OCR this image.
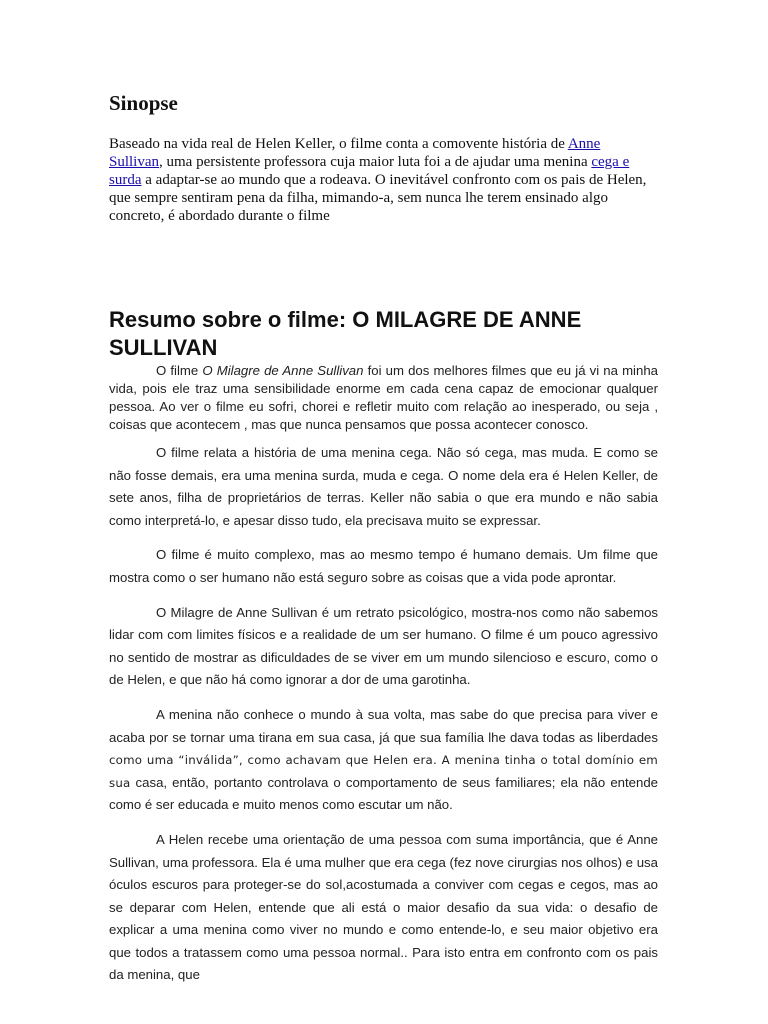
Sinopse

Baseado na vida real de Helen Keller, o filme conta a comovente história de Anne Sullivan, uma persistente professora cuja maior luta foi a de ajudar uma menina cega e surda a adaptar-se ao mundo que a rodeava. O inevitável confronto com os pais de Helen, que sempre sentiram pena da filha, mimando-a, sem nunca lhe terem ensinado algo concreto, é abordado durante o filme

Resumo sobre o filme: O MILAGRE DE ANNE SULLIVAN

O filme O Milagre de Anne Sullivan foi um dos melhores filmes que eu já vi na minha vida, pois ele traz uma sensibilidade enorme em cada cena capaz de emocionar qualquer pessoa. Ao ver o filme eu sofri, chorei e refletir muito com relação ao inesperado, ou seja , coisas que acontecem , mas que nunca pensamos que possa acontecer conosco.

O filme relata a história de uma menina cega. Não só cega, mas muda. E como se não fosse demais, era uma menina surda, muda e cega. O nome dela era é Helen Keller, de sete anos, filha de proprietários de terras. Keller não sabia o que era mundo e não sabia como interpretá-lo, e apesar disso tudo, ela precisava muito se expressar.

O filme é muito complexo, mas ao mesmo tempo é humano demais. Um filme que mostra como o ser humano não está seguro sobre as coisas que a vida pode aprontar.

O Milagre de Anne Sullivan é um retrato psicológico, mostra-nos como não sabemos lidar com com limites físicos e a realidade de um ser humano. O filme é um pouco agressivo no sentido de mostrar as dificuldades de se viver em um mundo silencioso e escuro, como o de Helen, e que não há como ignorar a dor de uma garotinha.

A menina não conhece o mundo à sua volta, mas sabe do que precisa para viver e acaba por se tornar uma tirana em sua casa, já que sua família lhe dava todas as liberdades como uma “inválida”, como achavam que Helen era. A menina tinha o total domínio em sua casa, então, portanto controlava o comportamento de seus familiares; ela não entende como é ser educada e muito menos como escutar um não.

A Helen recebe uma orientação de uma pessoa com suma importância, que é Anne Sullivan, uma professora. Ela é uma mulher que era cega (fez nove cirurgias nos olhos) e usa óculos escuros para proteger-se do sol,acostumada a conviver com cegas e cegos, mas ao se deparar com Helen, entende que ali está o maior desafio da sua vida: o desafio de explicar a uma menina como viver no mundo e como entende-lo, e seu maior objetivo era que todos a tratassem como uma pessoa normal.. Para isto entra em confronto com os pais da menina, que
